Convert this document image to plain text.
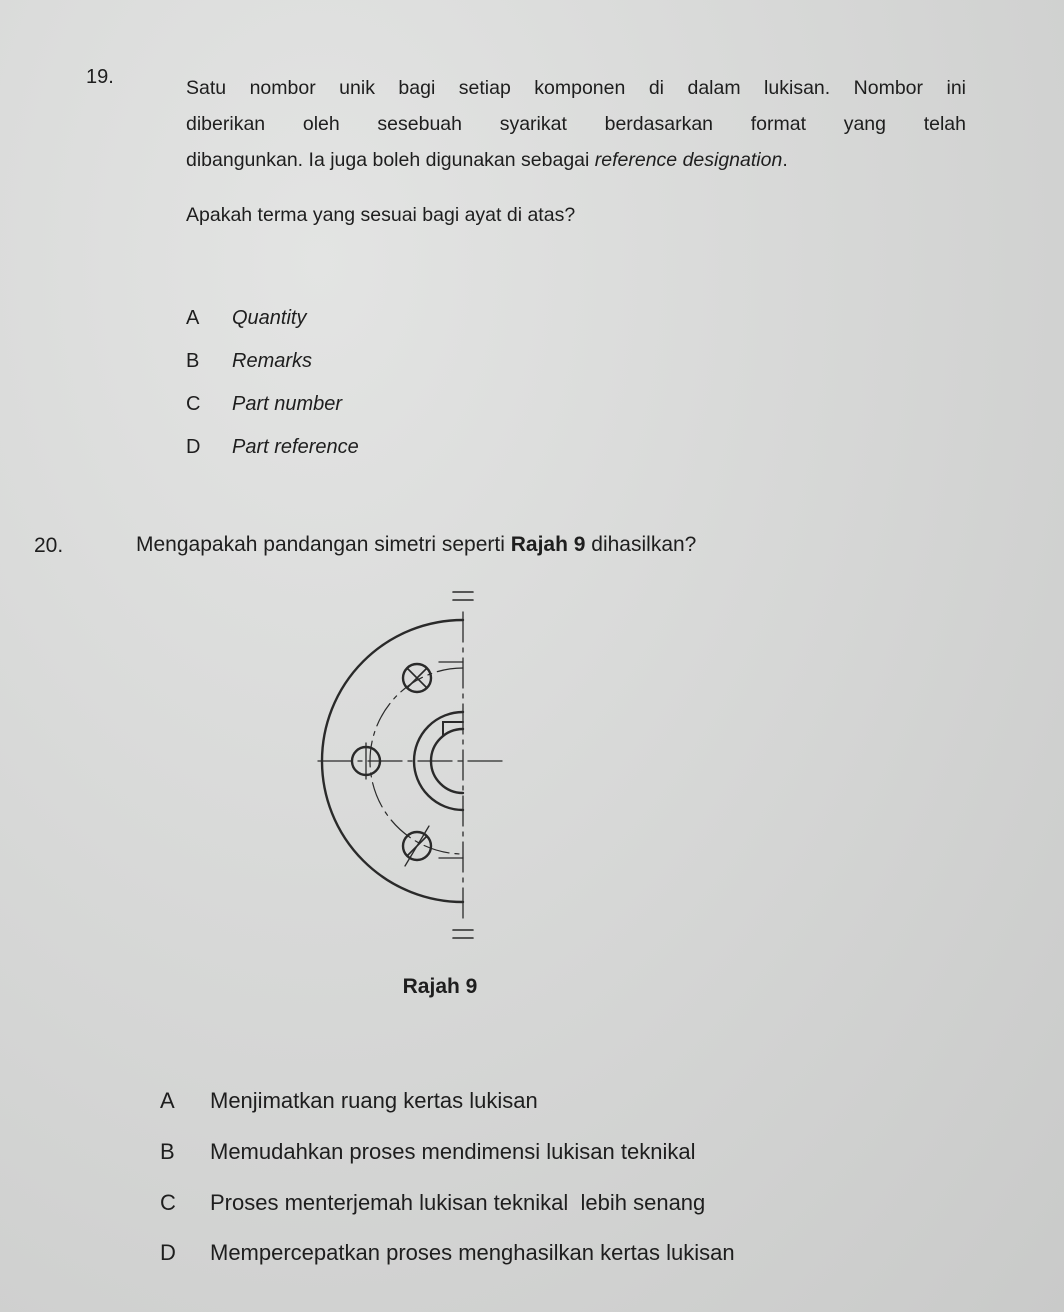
19.	Satu nombor unik bagi setiap komponen di dalam lukisan. Nombor ini
diberikan oleh sesebuah syarikat berdasarkan format yang telah
dibangunkan. Ia juga boleh digunakan sebagai reference designation.
Apakah terma yang sesuai bagi ayat di atas?
A	Quantity
B	Remarks
C	Part number
D	Part reference
20.	Mengapakah pandangan simetri seperti Rajah 9 dihasilkan?
Rajah 9
A	Menjimatkan ruang kertas lukisan
B	Memudahkan proses mendimensi lukisan teknikal
C	Proses menterjemah lukisan teknikal  lebih senang
D	Mempercepatkan proses menghasilkan kertas lukisan
